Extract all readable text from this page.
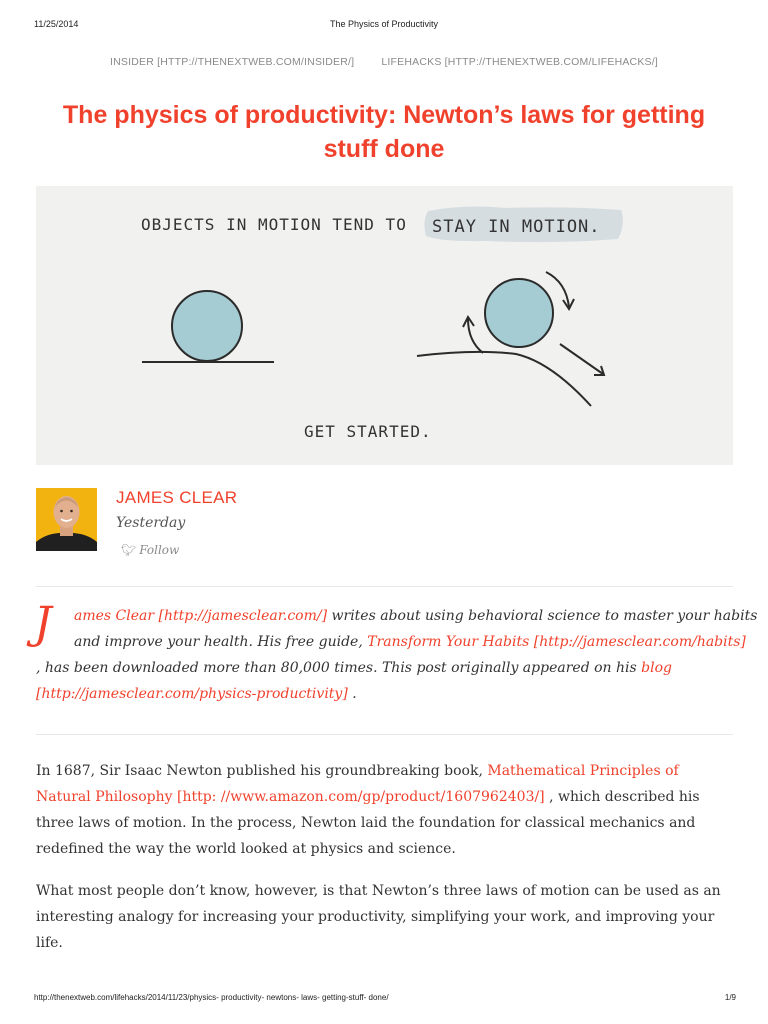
11/25/2014	The Physics of Productivity
INSIDER [HTTP://THENEXTWEB.COM/INSIDER/]	LIFEHACKS [HTTP://THENEXTWEB.COM/LIFEHACKS/]
The physics of productivity: Newton’s laws for getting stuff done
OBJECTS IN MOTION TEND TO STAY IN MOTION.
GET STARTED.
JAMES CLEAR
Yesterday
🐦︎ Follow
J	ames Clear [http://jamesclear.com/] writes about using behavioral science to master your habits
and improve your health. His free guide, Transform Your Habits [http://jamesclear.com/habits]
, has been downloaded more than 80,000 times. This post originally appeared on his blog
[http://jamesclear.com/physics-productivity] .

In 1687, Sir Isaac Newton published his groundbreaking book, Mathematical Principles of
Natural Philosophy [http: //www.amazon.com/gp/product/1607962403/] , which described his
three laws of motion. In the process, Newton laid the foundation for classical mechanics and
redefined the way the world looked at physics and science.

What most people don’t know, however, is that Newton’s three laws of motion can be used as an
interesting analogy for increasing your productivity, simplifying your work, and improving your
life.

http://thenextweb.com/lifehacks/2014/11/23/physics- productivity- newtons- laws- getting-stuff- done/	1/9
